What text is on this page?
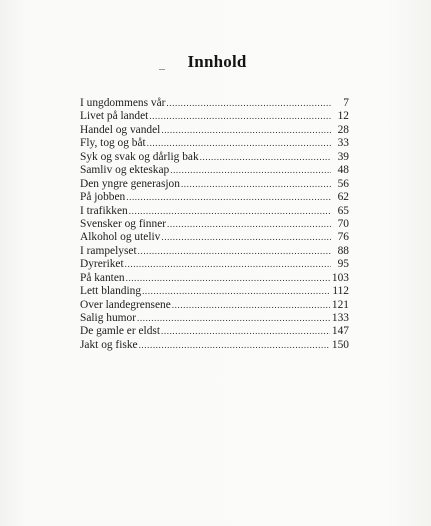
Innhold
I ungdommens vår .....	7
Livet på landet .....	12
Handel og vandel .....	28
Fly, tog og båt .....	33
Syk og svak og dårlig bak .....	39
Samliv og ekteskap .....	48
Den yngre generasjon .....	56
På jobben .....	62
I trafikken .....	65
Svensker og finner .....	70
Alkohol og uteliv .....	76
I rampelyset .....	88
Dyreriket .....	95
På kanten .....	103
Lett blanding .....	112
Over landegrensene .....	121
Salig humor .....	133
De gamle er eldst .....	147
Jakt og fiske .....	150
